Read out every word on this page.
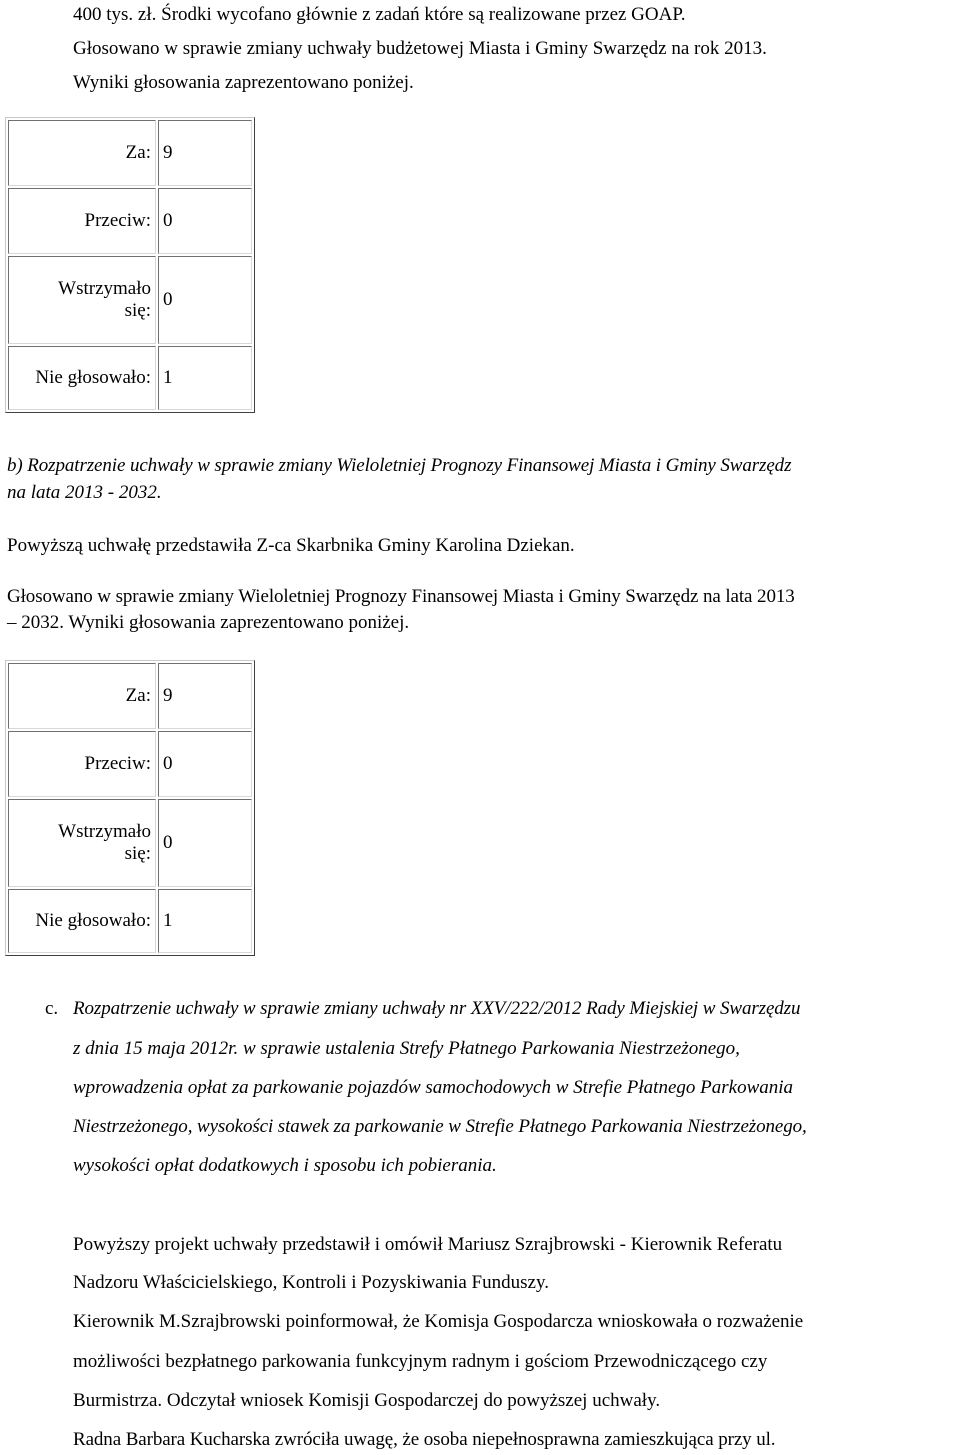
400 tys. zł. Środki wycofano głównie z zadań które są realizowane przez GOAP.
Głosowano w sprawie zmiany uchwały budżetowej Miasta i Gminy Swarzędz na rok 2013.
Wyniki głosowania zaprezentowano poniżej.
Za:	9
Przeciw:	0
Wstrzymało
się:	0
Nie głosowało:	1
b) Rozpatrzenie uchwały w sprawie zmiany Wieloletniej Prognozy Finansowej Miasta i Gminy Swarzędz
na lata 2013 - 2032.
Powyższą uchwałę przedstawiła Z-ca Skarbnika Gminy Karolina Dziekan.
Głosowano w sprawie zmiany Wieloletniej Prognozy Finansowej Miasta i Gminy Swarzędz na lata 2013
– 2032. Wyniki głosowania zaprezentowano poniżej.
Za:	9
Przeciw:	0
Wstrzymało
się:	0
Nie głosowało:	1
c. Rozpatrzenie uchwały w sprawie zmiany uchwały nr XXV/222/2012 Rady Miejskiej w Swarzędzu
z dnia 15 maja 2012r. w sprawie ustalenia Strefy Płatnego Parkowania Niestrzeżonego,
wprowadzenia opłat za parkowanie pojazdów samochodowych w Strefie Płatnego Parkowania
Niestrzeżonego, wysokości stawek za parkowanie w Strefie Płatnego Parkowania Niestrzeżonego,
wysokości opłat dodatkowych i sposobu ich pobierania.
Powyższy projekt uchwały przedstawił i omówił Mariusz Szrajbrowski - Kierownik Referatu
Nadzoru Właścicielskiego, Kontroli i Pozyskiwania Funduszy.
Kierownik M.Szrajbrowski poinformował, że Komisja Gospodarcza wnioskowała o rozważenie
możliwości bezpłatnego parkowania funkcyjnym radnym i gościom Przewodniczącego czy
Burmistrza. Odczytał wniosek Komisji Gospodarczej do powyższej uchwały.
Radna Barbara Kucharska zwróciła uwagę, że osoba niepełnosprawna zamieszkująca przy ul.
